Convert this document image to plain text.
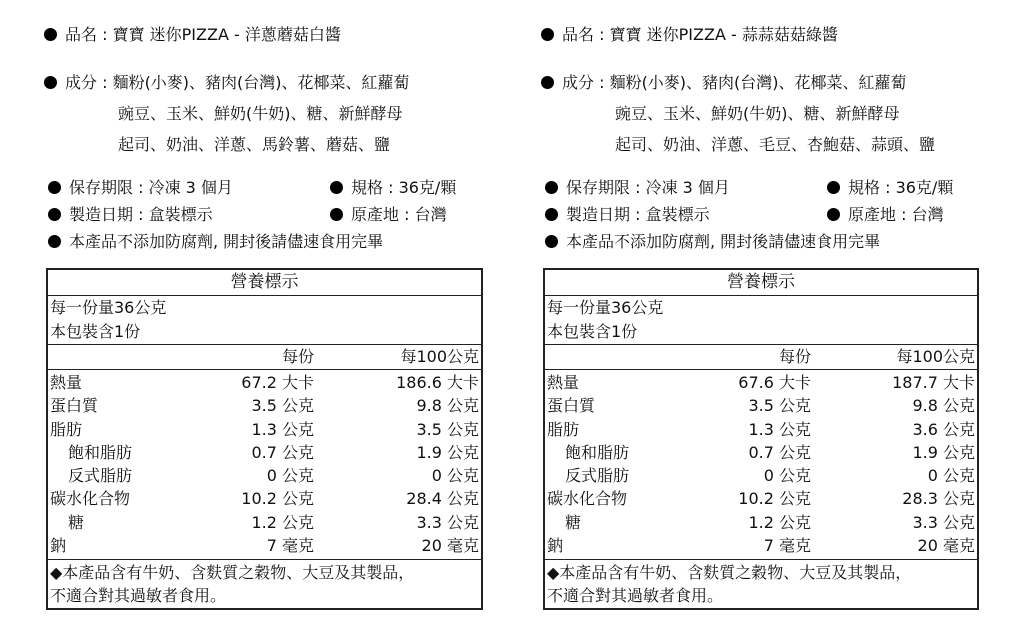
品名 : 寶寶 迷你PIZZA - 洋蔥蘑菇白醬
成分 : 麵粉(小麥)、豬肉(台灣)、花椰菜、紅蘿蔔
豌豆、玉米、鮮奶(牛奶)、糖、新鮮酵母
起司、奶油、洋蔥、馬鈴薯、蘑菇、鹽
保存期限 : 冷凍 3 個月	規格 : 36克/顆
製造日期 : 盒裝標示	原產地 : 台灣
本產品不添加防腐劑, 開封後請儘速食用完畢
營養標示
每一份量36公克
本包裝含1份
每份	每100公克
熱量	67.2 大卡	186.6 大卡
蛋白質	3.5 公克	9.8 公克
脂肪	1.3 公克	3.5 公克
飽和脂肪	0.7 公克	1.9 公克
反式脂肪	0 公克	0 公克
碳水化合物	10.2 公克	28.4 公克
糖	1.2 公克	3.3 公克
鈉	7 毫克	20 毫克
◆本產品含有牛奶、含麩質之穀物、大豆及其製品，
不適合對其過敏者食用。
品名 : 寶寶 迷你PIZZA - 蒜蒜菇菇綠醬
成分 : 麵粉(小麥)、豬肉(台灣)、花椰菜、紅蘿蔔
豌豆、玉米、鮮奶(牛奶)、糖、新鮮酵母
起司、奶油、洋蔥、毛豆、杏鮑菇、蒜頭、鹽
保存期限 : 冷凍 3 個月	規格 : 36克/顆
製造日期 : 盒裝標示	原產地 : 台灣
本產品不添加防腐劑, 開封後請儘速食用完畢
營養標示
每一份量36公克
本包裝含1份
每份	每100公克
熱量	67.6 大卡	187.7 大卡
蛋白質	3.5 公克	9.8 公克
脂肪	1.3 公克	3.6 公克
飽和脂肪	0.7 公克	1.9 公克
反式脂肪	0 公克	0 公克
碳水化合物	10.2 公克	28.3 公克
糖	1.2 公克	3.3 公克
鈉	7 毫克	20 毫克
◆本產品含有牛奶、含麩質之穀物、大豆及其製品，
不適合對其過敏者食用。
